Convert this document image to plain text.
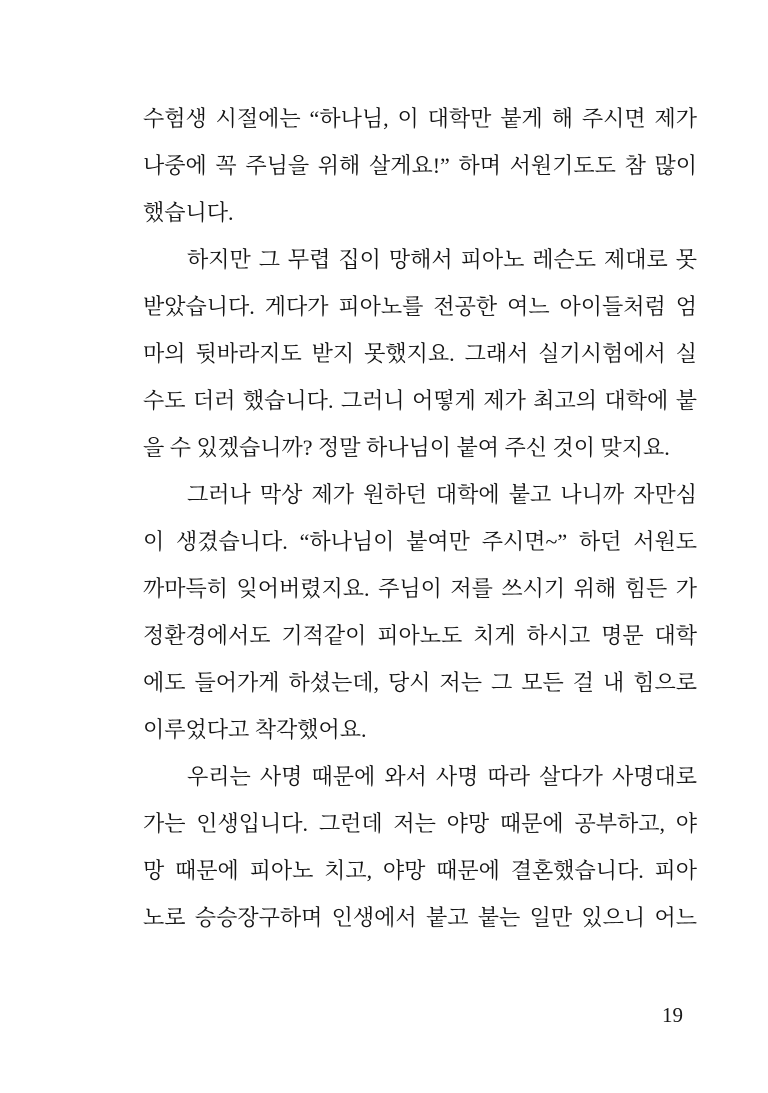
수험생 시절에는 “하나님, 이 대학만 붙게 해 주시면 제가
나중에 꼭 주님을 위해 살게요!” 하며 서원기도도 참 많이
했습니다.
하지만 그 무렵 집이 망해서 피아노 레슨도 제대로 못
받았습니다. 게다가 피아노를 전공한 여느 아이들처럼 엄
마의 뒷바라지도 받지 못했지요. 그래서 실기시험에서 실
수도 더러 했습니다. 그러니 어떻게 제가 최고의 대학에 붙
을 수 있겠습니까? 정말 하나님이 붙여 주신 것이 맞지요.
그러나 막상 제가 원하던 대학에 붙고 나니까 자만심
이 생겼습니다. “하나님이 붙여만 주시면~” 하던 서원도
까마득히 잊어버렸지요. 주님이 저를 쓰시기 위해 힘든 가
정환경에서도 기적같이 피아노도 치게 하시고 명문 대학
에도 들어가게 하셨는데, 당시 저는 그 모든 걸 내 힘으로
이루었다고 착각했어요.
우리는 사명 때문에 와서 사명 따라 살다가 사명대로
가는 인생입니다. 그런데 저는 야망 때문에 공부하고, 야
망 때문에 피아노 치고, 야망 때문에 결혼했습니다. 피아
노로 승승장구하며 인생에서 붙고 붙는 일만 있으니 어느
19
